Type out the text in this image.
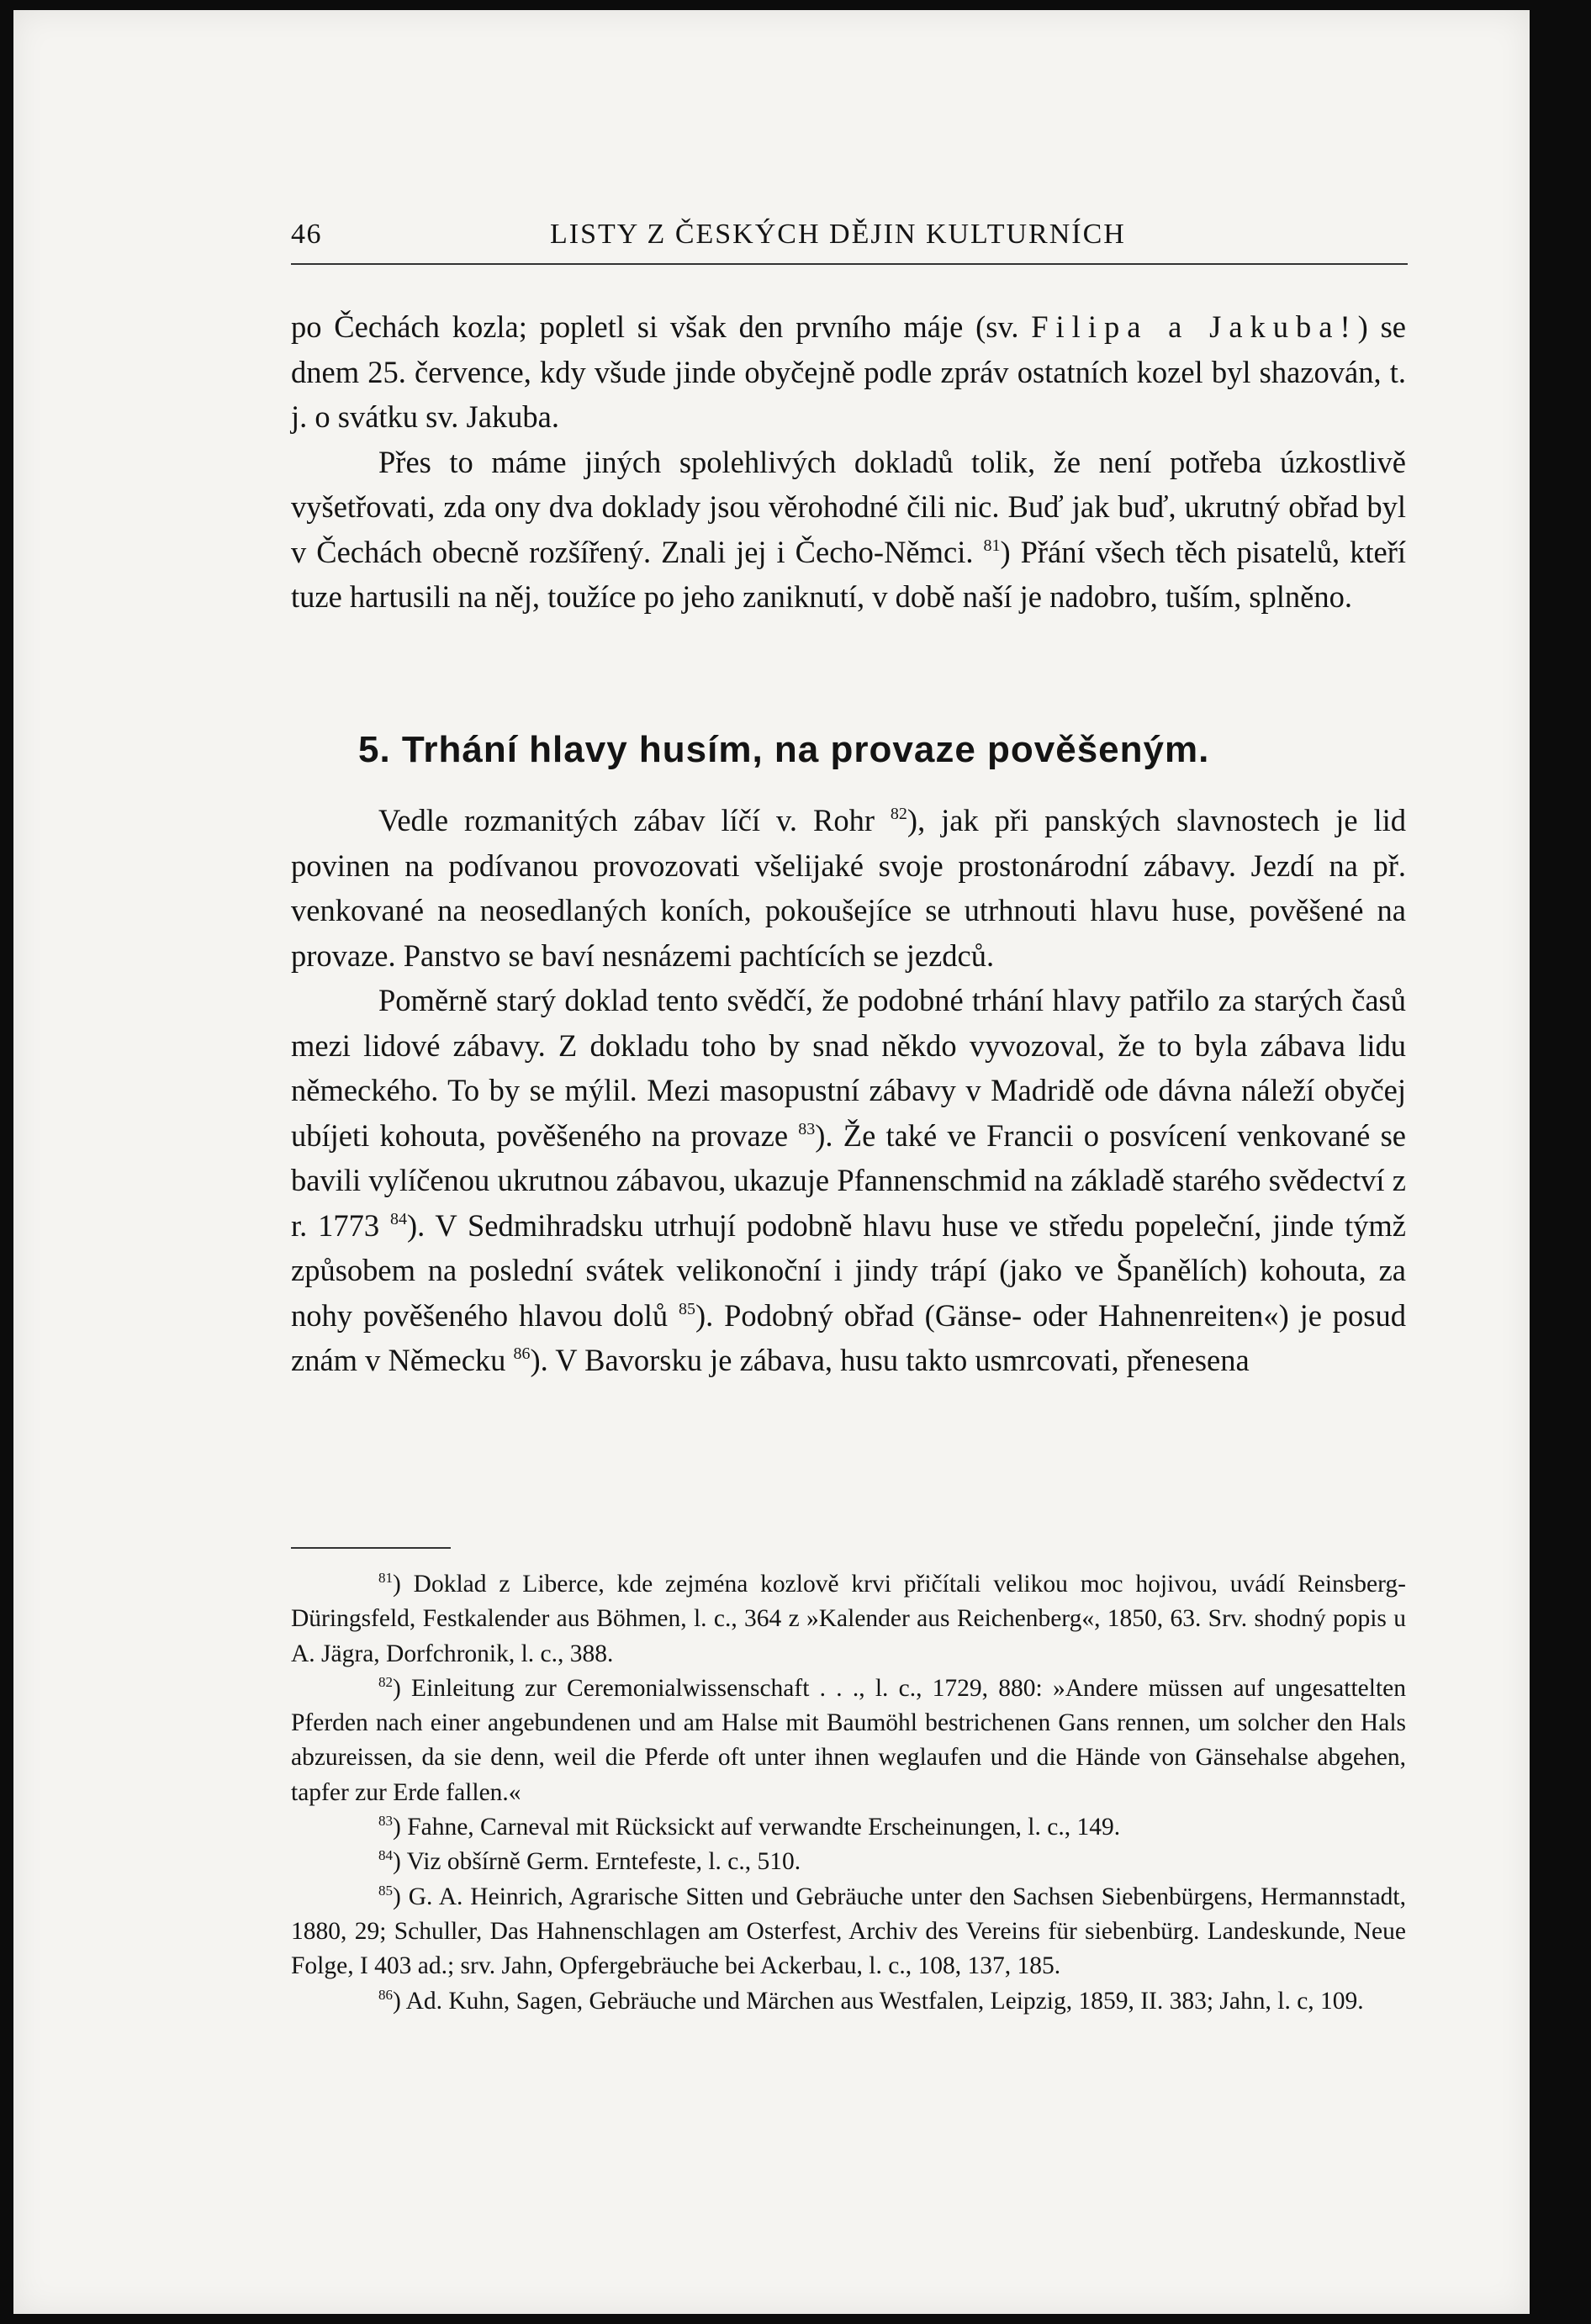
46	LISTY Z ČESKÝCH DĚJIN KULTURNÍCH

po Čechách kozla; popletl si však den prvního máje (sv. Filipa a Jakuba!) se dnem 25. července, kdy všude jinde obyčejně podle zpráv ostatních kozel byl shazován, t. j. o svátku sv. Jakuba.

Přes to máme jiných spolehlivých dokladů tolik, že není potřeba úzkostlivě vyšetřovati, zda ony dva doklady jsou věrohodné čili nic. Buď jak buď, ukrutný obřad byl v Čechách obecně rozšířený. Znali jej i Čecho-Němci. $^{81}$) Přání všech těch pisatelů, kteří tuze hartusili na něj, toužíce po jeho zaniknutí, v době naší je nadobro, tuším, splněno.

5. Trhání hlavy husím, na provaze pověšeným.

Vedle rozmanitých zábav líčí v. Rohr $^{82}$), jak při panských slavnostech je lid povinen na podívanou provozovati všelijaké svoje prostonárodní zábavy. Jezdí na př. venkované na neosedlaných koních, pokoušejíce se utrhnouti hlavu huse, pověšené na provaze. Panstvo se baví nesnázemi pachtících se jezdců.

Poměrně starý doklad tento svědčí, že podobné trhání hlavy patřilo za starých časů mezi lidové zábavy. Z dokladu toho by snad někdo vyvozoval, že to byla zábava lidu německého. To by se mýlil. Mezi masopustní zábavy v Madridě ode dávna náleží obyčej ubíjeti kohouta, pověšeného na provaze $^{83}$). Že také ve Francii o posvícení venkované se bavili vylíčenou ukrutnou zábavou, ukazuje Pfannenschmid na základě starého svědectví z r. 1773 $^{84}$). V Sedmihradsku utrhují podobně hlavu huse ve středu popeleční, jinde týmž způsobem na poslední svátek velikonoční i jindy trápí (jako ve Španělích) kohouta, za nohy pověšeného hlavou dolů $^{85}$). Podobný obřad (Gänse- oder Hahnenreiten«) je posud znám v Německu $^{86}$). V Bavorsku je zábava, husu takto usmrcovati, přenesena

$^{81}$) Doklad z Liberce, kde zejména kozlově krvi přičítali velikou moc hojivou, uvádí Reinsberg-Düringsfeld, Festkalender aus Böhmen, l. c., 364 z »Kalender aus Reichenberg«, 1850, 63. Srv. shodný popis u A. Jägra, Dorfchronik, l. c., 388.

$^{82}$) Einleitung zur Ceremonialwissenschaft . . ., l. c., 1729, 880: »Andere müssen auf ungesattelten Pferden nach einer angebundenen und am Halse mit Baumöhl bestrichenen Gans rennen, um solcher den Hals abzureissen, da sie denn, weil die Pferde oft unter ihnen weglaufen und die Hände von Gänsehalse abgehen, tapfer zur Erde fallen.«

$^{83}$) Fahne, Carneval mit Rücksickt auf verwandte Erscheinungen, l. c., 149.

$^{84}$) Viz obšírně Germ. Erntefeste, l. c., 510.

$^{85}$) G. A. Heinrich, Agrarische Sitten und Gebräuche unter den Sachsen Siebenbürgens, Hermannstadt, 1880, 29; Schuller, Das Hahnenschlagen am Osterfest, Archiv des Vereins für siebenbürg. Landeskunde, Neue Folge, I 403 ad.; srv. Jahn, Opfergebräuche bei Ackerbau, l. c., 108, 137, 185.

$^{86}$) Ad. Kuhn, Sagen, Gebräuche und Märchen aus Westfalen, Leipzig, 1859, II. 383; Jahn, l. c, 109.
